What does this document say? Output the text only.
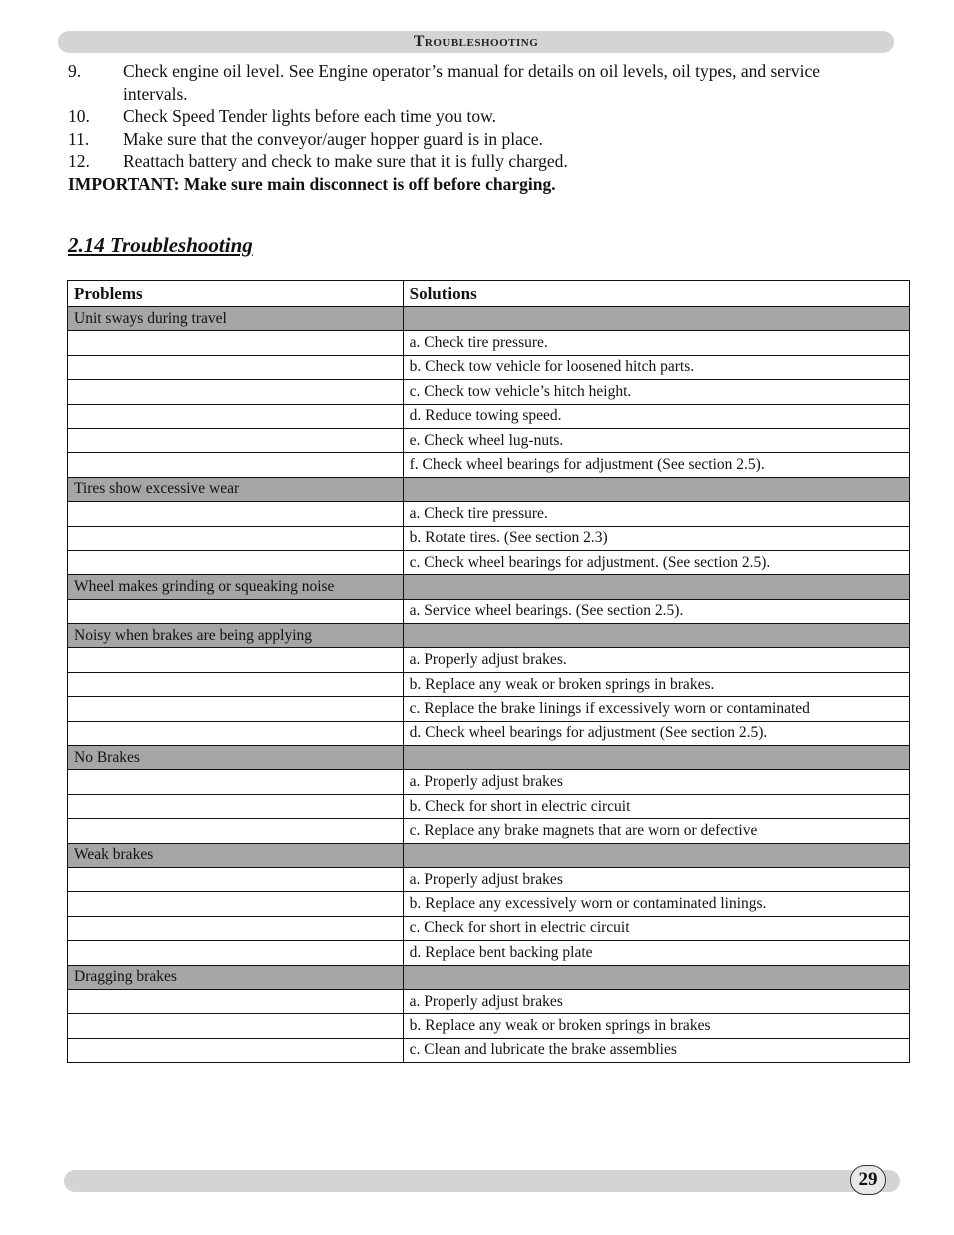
Troubleshooting
9.	Check engine oil level. See Engine operator’s manual for details on oil levels, oil types, and service intervals.
10.	Check Speed Tender lights before each time you tow.
11.	Make sure that the conveyor/auger hopper guard is in place.
12.	Reattach battery and check to make sure that it is fully charged.
IMPORTANT: Make sure main disconnect is off before charging.
2.14 Troubleshooting
Problems	Solutions
Unit sways during travel	
	a. Check tire pressure.
	b. Check tow vehicle for loosened hitch parts.
	c. Check tow vehicle’s hitch height.
	d. Reduce towing speed.
	e. Check wheel lug-nuts.
	f. Check wheel bearings for adjustment (See section 2.5).
Tires show excessive wear	
	a. Check tire pressure.
	b. Rotate tires. (See section 2.3)
	c. Check wheel bearings for adjustment. (See section 2.5).
Wheel makes grinding or squeaking noise	
	a. Service wheel bearings. (See section 2.5).
Noisy when brakes are being applying	
	a. Properly adjust brakes.
	b. Replace any weak or broken springs in brakes.
	c. Replace the brake linings if excessively worn or contaminated
	d. Check wheel bearings for adjustment (See section 2.5).
No Brakes	
	a. Properly adjust brakes
	b. Check for short in electric circuit
	c. Replace any brake magnets that are worn or defective
Weak brakes	
	a. Properly adjust brakes
	b. Replace any excessively worn or contaminated linings.
	c. Check for short in electric circuit
	d. Replace bent backing plate
Dragging brakes	
	a. Properly adjust brakes
	b. Replace any weak or broken springs in brakes
	c. Clean and lubricate the brake assemblies
29
